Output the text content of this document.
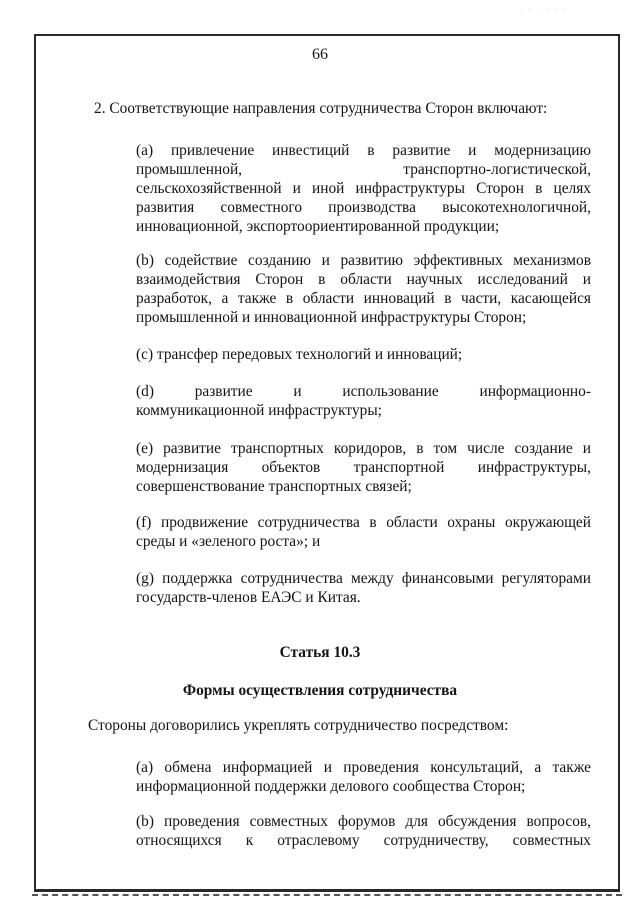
· · · · · ·
66

2. Соответствующие направления сотрудничества Сторон включают:

(a) привлечение инвестиций в развитие и модернизацию

промышленной, транспортно-логистической,

сельскохозяйственной и иной инфраструктуры Сторон в целях

развития совместного производства высокотехнологичной,

инновационной, экспортоориентированной продукции;

(b) содействие созданию и развитию эффективных механизмов

взаимодействия Сторон в области научных исследований и

разработок, а также в области инноваций в части, касающейся

промышленной и инновационной инфраструктуры Сторон;

(c) трансфер передовых технологий и инноваций;

(d) развитие и использование информационно-

коммуникационной инфраструктуры;

(e) развитие транспортных коридоров, в том числе создание и

модернизация объектов транспортной инфраструктуры,

совершенствование транспортных связей;

(f) продвижение сотрудничества в области охраны окружающей

среды и «зеленого роста»; и

(g) поддержка сотрудничества между финансовыми регуляторами

государств-членов ЕАЭС и Китая.

Статья 10.3
Формы осуществления сотрудничества

Стороны договорились укреплять сотрудничество посредством:

(a) обмена информацией и проведения консультаций, а также

информационной поддержки делового сообщества Сторон;

(b) проведения совместных форумов для обсуждения вопросов,

относящихся к отраслевому сотрудничеству, совместных
